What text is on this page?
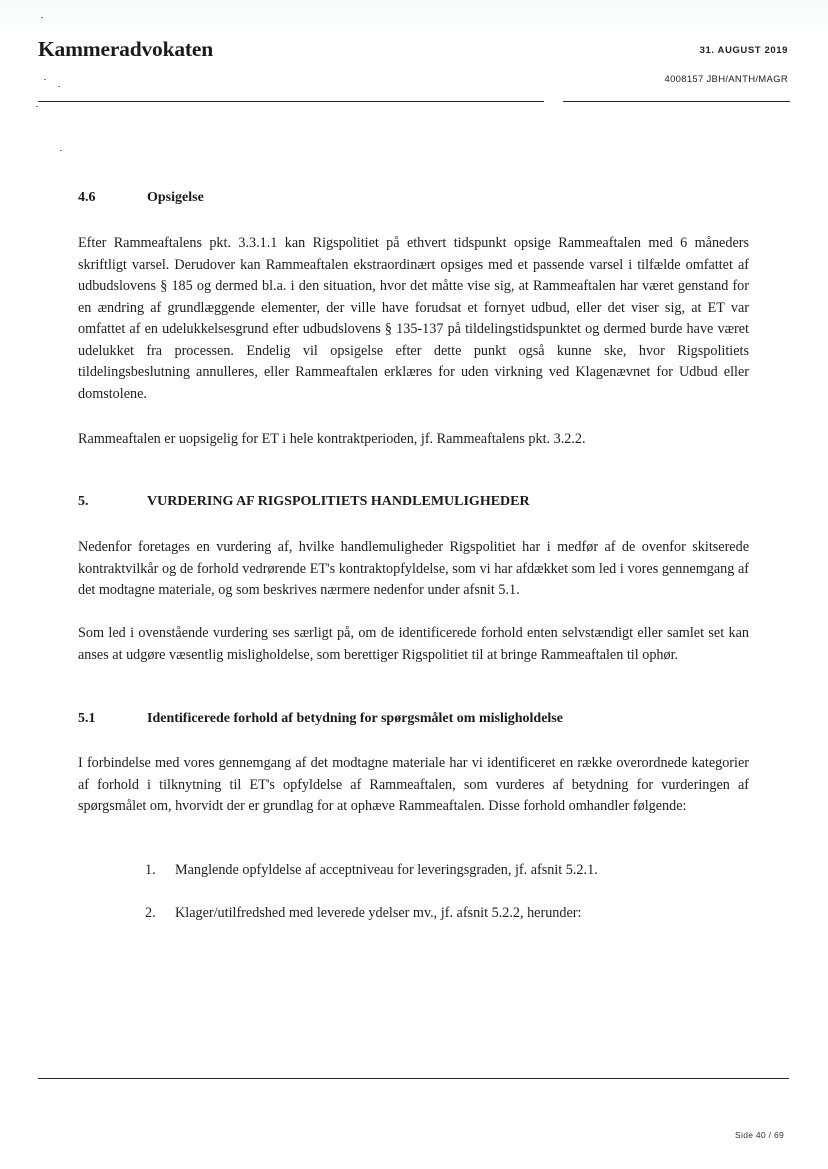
Kammeradvokaten	31. AUGUST 2019
4008157 JBH/ANTH/MAGR
4.6	Opsigelse

Efter Rammeaftalens pkt. 3.3.1.1 kan Rigspolitiet på ethvert tidspunkt opsige Rammeaftalen med 6 måneders skriftligt varsel. Derudover kan Rammeaftalen ekstraordinært opsiges med et passende varsel i tilfælde omfattet af udbudslovens § 185 og dermed bl.a. i den situation, hvor det måtte vise sig, at Rammeaftalen har været genstand for en ændring af grundlæggende elementer, der ville have forudsat et fornyet udbud, eller det viser sig, at ET var omfattet af en udelukkelsesgrund efter udbudslovens § 135-137 på tildelingstidspunktet og dermed burde have været udelukket fra processen. Endelig vil opsigelse efter dette punkt også kunne ske, hvor Rigspolitiets tildelingsbeslutning annulleres, eller Rammeaftalen erklæres for uden virkning ved Klagenævnet for Udbud eller domstolene.

Rammeaftalen er uopsigelig for ET i hele kontraktperioden, jf. Rammeaftalens pkt. 3.2.2.

5.	VURDERING AF RIGSPOLITIETS HANDLEMULIGHEDER

Nedenfor foretages en vurdering af, hvilke handlemuligheder Rigspolitiet har i medfør af de ovenfor skitserede kontraktvilkår og de forhold vedrørende ET's kontraktopfyldelse, som vi har afdækket som led i vores gennemgang af det modtagne materiale, og som beskrives nærmere nedenfor under afsnit 5.1.

Som led i ovenstående vurdering ses særligt på, om de identificerede forhold enten selvstændigt eller samlet set kan anses at udgøre væsentlig misligholdelse, som berettiger Rigspolitiet til at bringe Rammeaftalen til ophør.

5.1	Identificerede forhold af betydning for spørgsmålet om misligholdelse

I forbindelse med vores gennemgang af det modtagne materiale har vi identificeret en række overordnede kategorier af forhold i tilknytning til ET's opfyldelse af Rammeaftalen, som vurderes af betydning for vurderingen af spørgsmålet om, hvorvidt der er grundlag for at ophæve Rammeaftalen. Disse forhold omhandler følgende:

1. Manglende opfyldelse af acceptniveau for leveringsgraden, jf. afsnit 5.2.1.
2. Klager/utilfredshed med leverede ydelser mv., jf. afsnit 5.2.2, herunder:
Side 40 / 69
